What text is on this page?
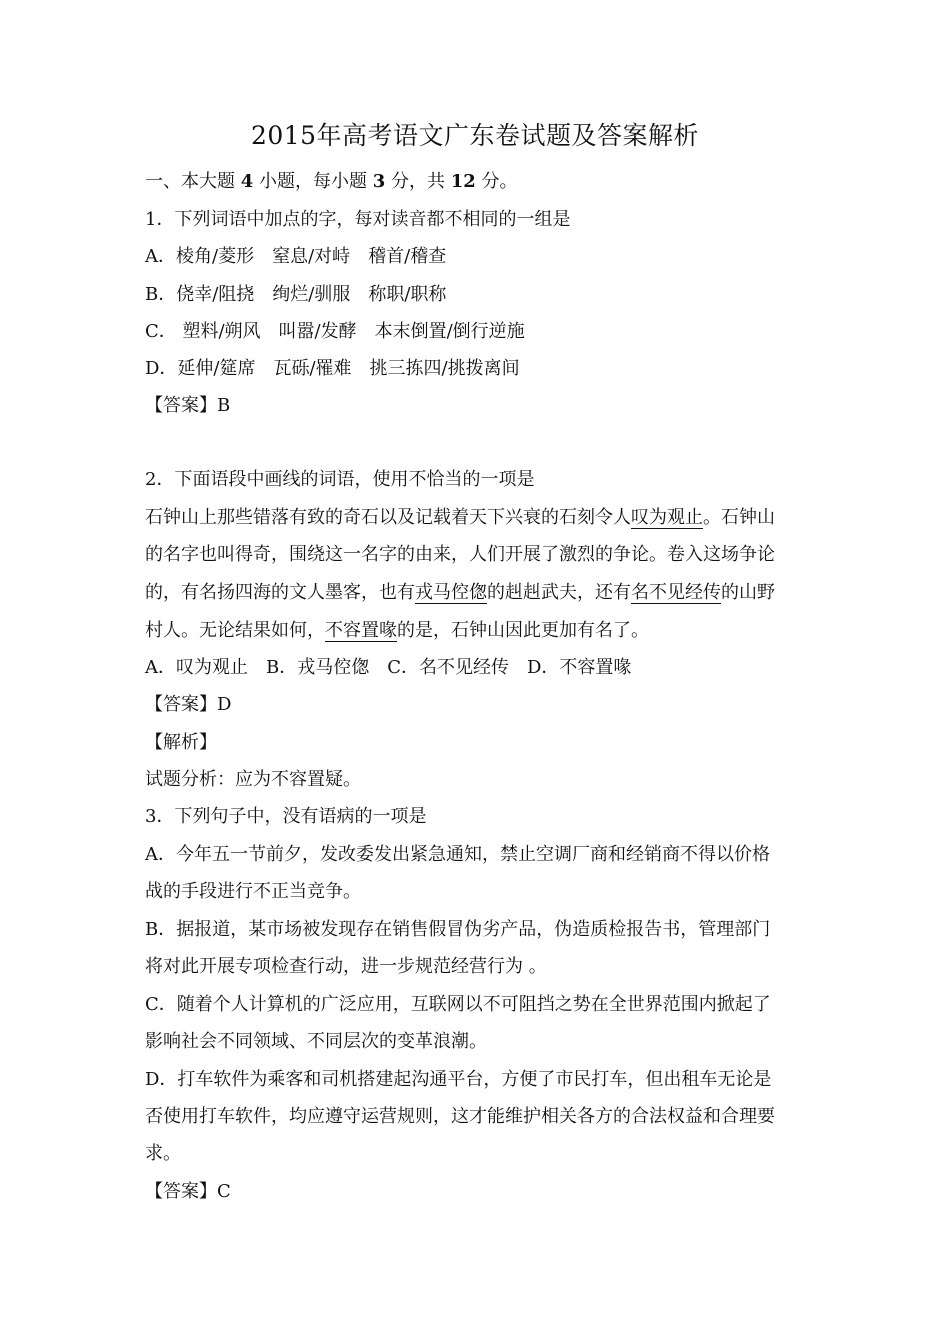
2015年高考语文广东卷试题及答案解析
一、本大题 4 小题，每小题 3 分，共 12 分。
1．下列词语中加点的字，每对读音都不相同的一组是
A．棱角/菱形　窒息/对峙　稽首/稽查
B．侥幸/阻挠　绚烂/驯服　称职/职称
C． 塑料/朔风　叫嚣/发酵　本末倒置/倒行逆施
D．延伸/筵席　瓦砾/罹难　挑三拣四/挑拨离间
【答案】B
2．下面语段中画线的词语，使用不恰当的一项是
石钟山上那些错落有致的奇石以及记载着天下兴衰的石刻令人叹为观止。石钟山
的名字也叫得奇，围绕这一名字的由来，人们开展了激烈的争论。卷入这场争论
的，有名扬四海的文人墨客，也有戎马倥偬的赳赳武夫，还有名不见经传的山野
村人。无论结果如何，不容置喙的是，石钟山因此更加有名了。
A．叹为观止　B．戎马倥偬　C．名不见经传　D．不容置喙
【答案】D
【解析】
试题分析：应为不容置疑。
3．下列句子中，没有语病的一项是
A．今年五一节前夕，发改委发出紧急通知，禁止空调厂商和经销商不得以价格
战的手段进行不正当竞争。
B．据报道，某市场被发现存在销售假冒伪劣产品，伪造质检报告书，管理部门
将对此开展专项检查行动，进一步规范经营行为 。
C．随着个人计算机的广泛应用，互联网以不可阻挡之势在全世界范围内掀起了
影响社会不同领域、不同层次的变革浪潮。
D．打车软件为乘客和司机搭建起沟通平台，方便了市民打车，但出租车无论是
否使用打车软件，均应遵守运营规则，这才能维护相关各方的合法权益和合理要
求。
【答案】C
